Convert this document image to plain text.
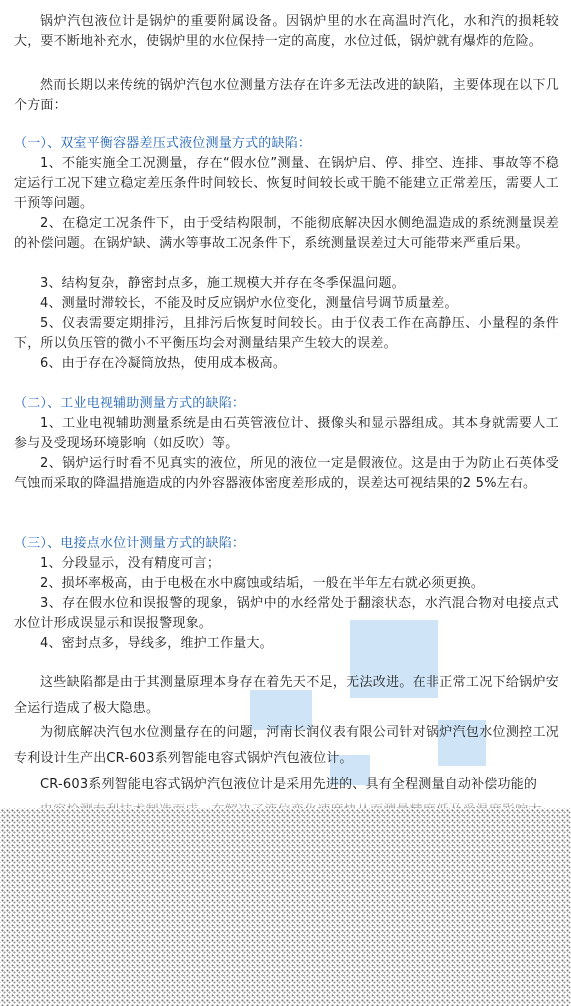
锅炉汽包液位计是锅炉的重要附属设备。因锅炉里的水在高温时汽化，水和汽的损耗较大，要不断地补充水，使锅炉里的水位保持一定的高度，水位过低，锅炉就有爆炸的危险。

然而长期以来传统的锅炉汽包水位测量方法存在许多无法改进的缺陷，主要体现在以下几个方面：

（一）、双室平衡容器差压式液位测量方式的缺陷：

1、不能实施全工况测量，存在“假水位”测量、在锅炉启、停、排空、连排、事故等不稳定运行工况下建立稳定差压条件时间较长、恢复时间较长或干脆不能建立正常差压，需要人工干预等问题。

2、在稳定工况条件下，由于受结构限制，不能彻底解决因水侧绝温造成的系统测量误差的补偿问题。在锅炉缺、满水等事故工况条件下，系统测量误差过大可能带来严重后果。

3、结构复杂，静密封点多，施工规模大并存在冬季保温问题。

4、测量时滞较长，不能及时反应锅炉水位变化，测量信号调节质量差。

5、仪表需要定期排污，且排污后恢复时间较长。由于仪表工作在高静压、小量程的条件下，所以负压管的微小不平衡压均会对测量结果产生较大的误差。

6、由于存在冷凝筒放热，使用成本极高。

（二）、工业电视辅助测量方式的缺陷：

1、工业电视辅助测量系统是由石英管液位计、摄像头和显示器组成。其本身就需要人工参与及受现场环境影响（如反吹）等。

2、锅炉运行时看不见真实的液位，所见的液位一定是假液位。这是由于为防止石英体受气蚀而采取的降温措施造成的内外容器液体密度差形成的，误差达可视结果的2 5%左右。

（三）、电接点水位计测量方式的缺陷：

1、分段显示，没有精度可言；

2、损坏率极高，由于电极在水中腐蚀或结垢，一般在半年左右就必须更换。

3、存在假水位和误报警的现象，锅炉中的水经常处于翻滚状态，水汽混合物对电接点式水位计形成误显示和误报警现象。

4、密封点多，导线多，维护工作量大。

这些缺陷都是由于其测量原理本身存在着先天不足，无法改进。在非正常工况下给锅炉安全运行造成了极大隐患。

为彻底解决汽包水位测量存在的问题，河南长润仪表有限公司针对锅炉汽包水位测控工况专利设计生产出CR-603系列智能电容式锅炉汽包液位计。

CR-603系列智能电容式锅炉汽包液位计是采用先进的、具有全程测量自动补偿功能的
